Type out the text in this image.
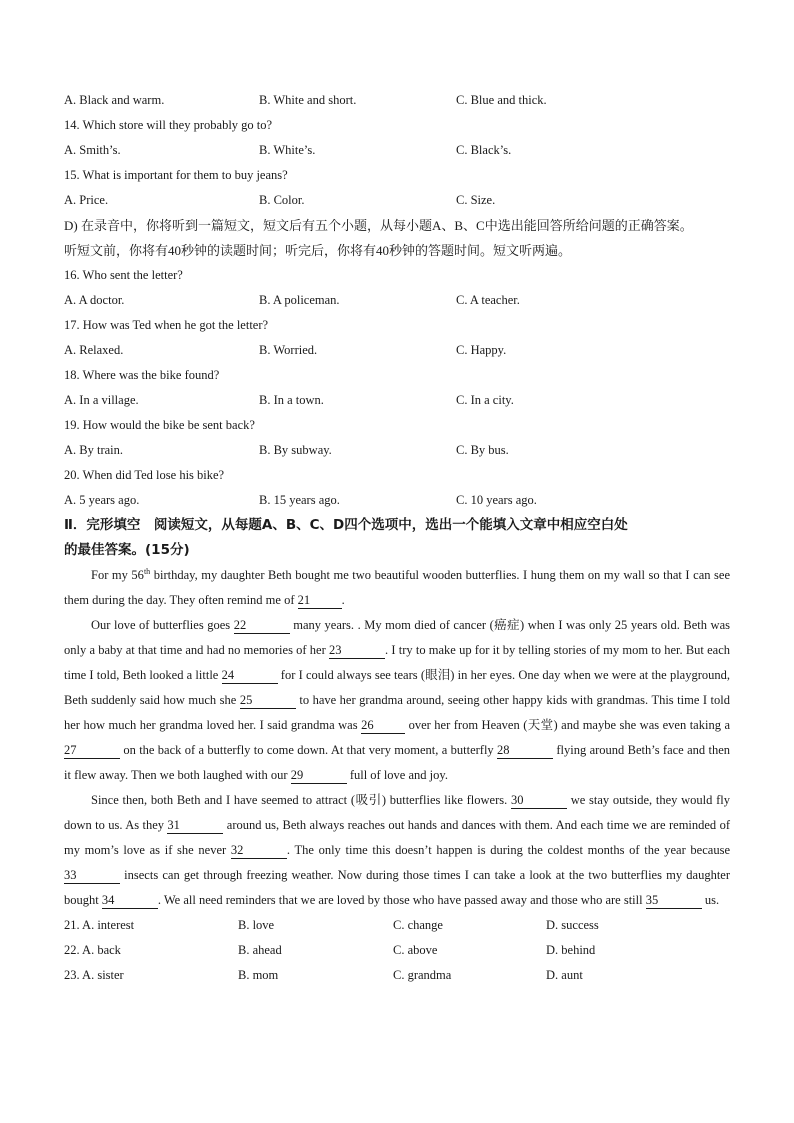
A. Black and warm.	B. White and short.	C. Blue and thick.
14. Which store will they probably go to?
A. Smith’s.	B. White’s.	C. Black’s.
15. What is important for them to buy jeans?
A. Price.	B. Color.	C. Size.
D) 在录音中，你将听到一篇短文，短文后有五个小题，从每小题A、B、C中选出能回答所给问题的正确答案。
听短文前，你将有40秒钟的读题时间；听完后，你将有40秒钟的答题时间。短文听两遍。
16. Who sent the letter?
A. A doctor.	B. A policeman.	C. A teacher.
17. How was Ted when he got the letter?
A. Relaxed.	B. Worried.	C. Happy.
18. Where was the bike found?
A. In a village.	B. In a town.	C. In a city.
19. How would the bike be sent back?
A. By train.	B. By subway.	C. By bus.
20. When did Ted lose his bike?
A. 5 years ago.	B. 15 years ago.	C. 10 years ago.
Ⅱ．完形填空　阅读短文，从每题A、B、C、D四个选项中，选出一个能填入文章中相应空白处
的最佳答案。(15分)

For my 56th birthday, my daughter Beth bought me two beautiful wooden butterflies. I hung them on my wall so that I can see them during the day. They often remind me of 21	.

Our love of butterflies goes 22	many years. . My mom died of cancer (癌症) when I was only 25 years old. Beth was only a baby at that time and had no memories of her 23	. I try to make up for it by telling stories of my mom to her. But each time I told, Beth looked a little 24	for I could always see tears (眼泪) in her eyes. One day when we were at the playground, Beth suddenly said how much she 25	to have her grandma around, seeing other happy kids with grandmas. This time I told her how much her grandma loved her. I said grandma was 26	over her from Heaven (天堂) and maybe she was even taking a 27	on the back of a butterfly to come down. At that very moment, a butterfly 28	flying around Beth’s face and then it flew away. Then we both laughed with our 29	full of love and joy.

Since then, both Beth and I have seemed to attract (吸引) butterflies like flowers. 30	we stay outside, they would fly down to us. As they 31	around us, Beth always reaches out hands and dances with them. And each time we are reminded of my mom’s love as if she never 32	. The only time this doesn’t happen is during the coldest months of the year because 33	insects can get through freezing weather. Now during those times I can take a look at the two butterflies my daughter bought 34	. We all need reminders that we are loved by those who have passed away and those who are still 35	us.

21. A. interest	B. love	C. change	D. success
22. A. back	B. ahead	C. above	D. behind
23. A. sister	B. mom	C. grandma	D. aunt
